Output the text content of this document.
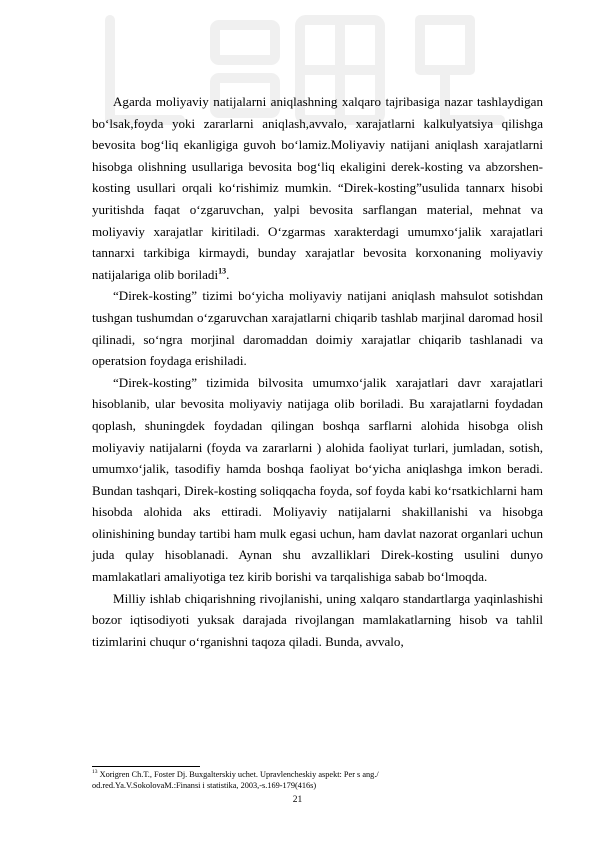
Agarda moliyaviy natijalarni aniqlashning xalqaro tajribasiga nazar tashlaydigan bo‘lsak,foyda yoki zararlarni aniqlash,avvalo, xarajatlarni kalkulyatsiya qilishga bevosita bog‘liq ekanligiga guvoh bo‘lamiz.Moliyaviy natijani aniqlash xarajatlarni hisobga olishning usullariga bevosita bog‘liq ekaligini derek-kosting va abzorshen-kosting usullari orqali ko‘rishimiz mumkin. “Direk-kosting”usulida tannarx hisobi yuritishda faqat o‘zgaruvchan, yalpi bevosita sarflangan material, mehnat va moliyaviy xarajatlar kiritiladi. O‘zgarmas xarakterdagi umumxo‘jalik xarajatlari tannarxi tarkibiga kirmaydi, bunday xarajatlar bevosita korxonaning moliyaviy natijalariga olib boriladi$^{13}$.

“Direk-kosting” tizimi bo‘yicha moliyaviy natijani aniqlash mahsulot sotishdan tushgan tushumdan o‘zgaruvchan xarajatlarni chiqarib tashlab marjinal daromad hosil qilinadi, so‘ngra morjinal daromaddan doimiy xarajatlar chiqarib tashlanadi va operatsion foydaga erishiladi.

“Direk-kosting” tizimida bilvosita umumxo‘jalik xarajatlari davr xarajatlari hisoblanib, ular bevosita moliyaviy natijaga olib boriladi. Bu xarajatlarni foydadan qoplash, shuningdek foydadan qilingan boshqa sarflarni alohida hisobga olish moliyaviy natijalarni (foyda va zararlarni ) alohida faoliyat turlari, jumladan, sotish, umumxo‘jalik, tasodifiy hamda boshqa faoliyat bo‘yicha aniqlashga imkon beradi. Bundan tashqari, Direk-kosting soliqqacha foyda, sof foyda kabi ko‘rsatkichlarni ham hisobda alohida aks ettiradi. Moliyaviy natijalarni shakillanishi va hisobga olinishining bunday tartibi ham mulk egasi uchun, ham davlat nazorat organlari uchun juda qulay hisoblanadi. Aynan shu avzalliklari Direk-kosting usulini dunyo mamlakatlari amaliyotiga tez kirib borishi va tarqalishiga sabab bo‘lmoqda.

Milliy ishlab chiqarishning rivojlanishi, uning xalqaro standartlarga yaqinlashishi bozor iqtisodiyoti yuksak darajada rivojlangan mamlakatlarning hisob va tahlil tizimlarini chuqur o‘rganishni taqoza qiladi. Bunda, avvalo,

$^{13}$ Xorigren Ch.T., Foster Dj. Buxgalterskiy uchet. Upravlencheskiy aspekt: Per s ang./
od.red.Ya.V.SokolovaM.:Finansi i statistika, 2003,-s.169-179(416s)
21
